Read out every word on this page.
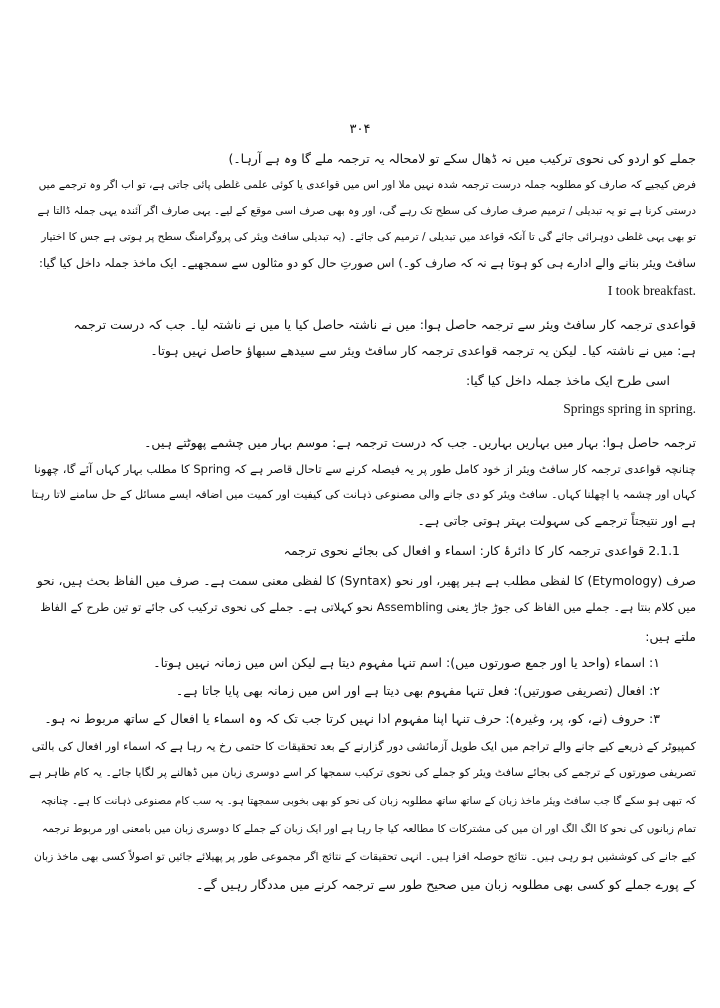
۳۰۴
جملے کو اردو کی نحوی ترکیب میں نہ ڈھال سکے تو لامحالہ یہ ترجمہ ملے گا وہ ہے آرہا۔)
فرض کیجیے کہ صارف کو مطلوبہ جملہ درست ترجمہ شدہ نہیں ملا اور اس میں قواعدی یا کوئی علمی غلطی پائی جاتی ہے، تو اب اگر وہ ترجمے میں
درستی کرنا ہے تو یہ تبدیلی / ترمیم صرف صارف کی سطح تک رہے گی، اور وہ بھی صرف اسی موقع کے لیے۔ یہی صارف اگر آئندہ یہی جملہ ڈالتا ہے
تو بھی یہی غلطی دوہرائی جائے گی تا آنکہ قواعد میں تبدیلی / ترمیم کی جائے۔ (یہ تبدیلی سافٹ ویئر کی پروگرامنگ سطح پر ہوتی ہے جس کا اختیار
سافٹ ویئر بنانے والے ادارے ہی کو ہوتا ہے نہ کہ صارف کو۔) اس صورتِ حال کو دو مثالوں سے سمجھیے۔ ایک ماخذ جملہ داخل کیا گیا:
I took breakfast.
قواعدی ترجمہ کار سافٹ ویئر سے ترجمہ حاصل ہوا: میں نے ناشتہ حاصل کیا یا میں نے ناشتہ لیا۔ جب کہ درست ترجمہ
ہے: میں نے ناشتہ کیا۔ لیکن یہ ترجمہ قواعدی ترجمہ کار سافٹ ویئر سے سیدھے سبھاؤ حاصل نہیں ہوتا۔
اسی طرح ایک ماخذ جملہ داخل کیا گیا:
Springs spring in spring.
ترجمہ حاصل ہوا: بہار میں بہاریں بہاریں۔ جب کہ درست ترجمہ ہے: موسم بہار میں چشمے پھوٹتے ہیں۔
چنانچہ قواعدی ترجمہ کار سافٹ ویئر از خود کامل طور پر یہ فیصلہ کرنے سے تاحال قاصر ہے کہ Spring کا مطلب بہار کہاں آئے گا، چھونا
کہاں اور چشمہ یا اچھلنا کہاں۔ سافٹ ویئر کو دی جانے والی مصنوعی ذہانت کی کیفیت اور کمیت میں اضافہ ایسے مسائل کے حل سامنے لاتا رہتا
ہے اور نتیجتاً ترجمے کی سہولت بہتر ہوتی جاتی ہے۔
2.1.1 قواعدی ترجمہ کار کا دائرۂ کار: اسماء و افعال کی بجائے نحوی ترجمہ
صرف (Etymology) کا لفظی مطلب ہے ہیر پھیر، اور نحو (Syntax) کا لفظی معنی سمت ہے۔ صرف میں الفاظ بحث ہیں، نحو
میں کلام بنتا ہے۔ جملے میں الفاظ کی جوڑ جاڑ یعنی Assembling نحو کہلاتی ہے۔ جملے کی نحوی ترکیب کی جائے تو تین طرح کے الفاظ
ملتے ہیں:
۱: اسماء (واحد یا اور جمع صورتوں میں): اسم تنہا مفہوم دیتا ہے لیکن اس میں زمانہ نہیں ہوتا۔
۲: افعال (تصریفی صورتیں): فعل تنہا مفہوم بھی دیتا ہے اور اس میں زمانہ بھی پایا جاتا ہے۔
۳: حروف (نے، کو، پر، وغیرہ): حرف تنہا اپنا مفہوم ادا نہیں کرتا جب تک کہ وہ اسماء یا افعال کے ساتھ مربوط نہ ہو۔
کمپیوٹر کے ذریعے کیے جانے والے تراجم میں ایک طویل آزمائشی دور گزارنے کے بعد تحقیقات کا حتمی رخ یہ رہا ہے کہ اسماء اور افعال کی بالتی
تصریفی صورتوں کے ترجمے کی بجائے سافٹ ویئر کو جملے کی نحوی ترکیب سمجھا کر اسے دوسری زبان میں ڈھالنے پر لگایا جائے۔ یہ کام ظاہر ہے
کہ تبھی ہو سکے گا جب سافٹ ویئر ماخذ زبان کے ساتھ ساتھ مطلوبہ زبان کی نحو کو بھی بخوبی سمجھتا ہو۔ یہ سب کام مصنوعی ذہانت کا ہے۔ چنانچہ
تمام زبانوں کی نحو کا الگ الگ اور ان میں کی مشترکات کا مطالعہ کیا جا رہا ہے اور ایک زبان کے جملے کا دوسری زبان میں بامعنی اور مربوط ترجمہ
کیے جانے کی کوششیں ہو رہی ہیں۔ نتائج حوصلہ افزا ہیں۔ انہی تحقیقات کے نتائج اگر مجموعی طور پر پھیلائے جائیں تو اصولاً کسی بھی ماخذ زبان
کے پورے جملے کو کسی بھی مطلوبہ زبان میں صحیح طور سے ترجمہ کرنے میں مددگار رہیں گے۔
